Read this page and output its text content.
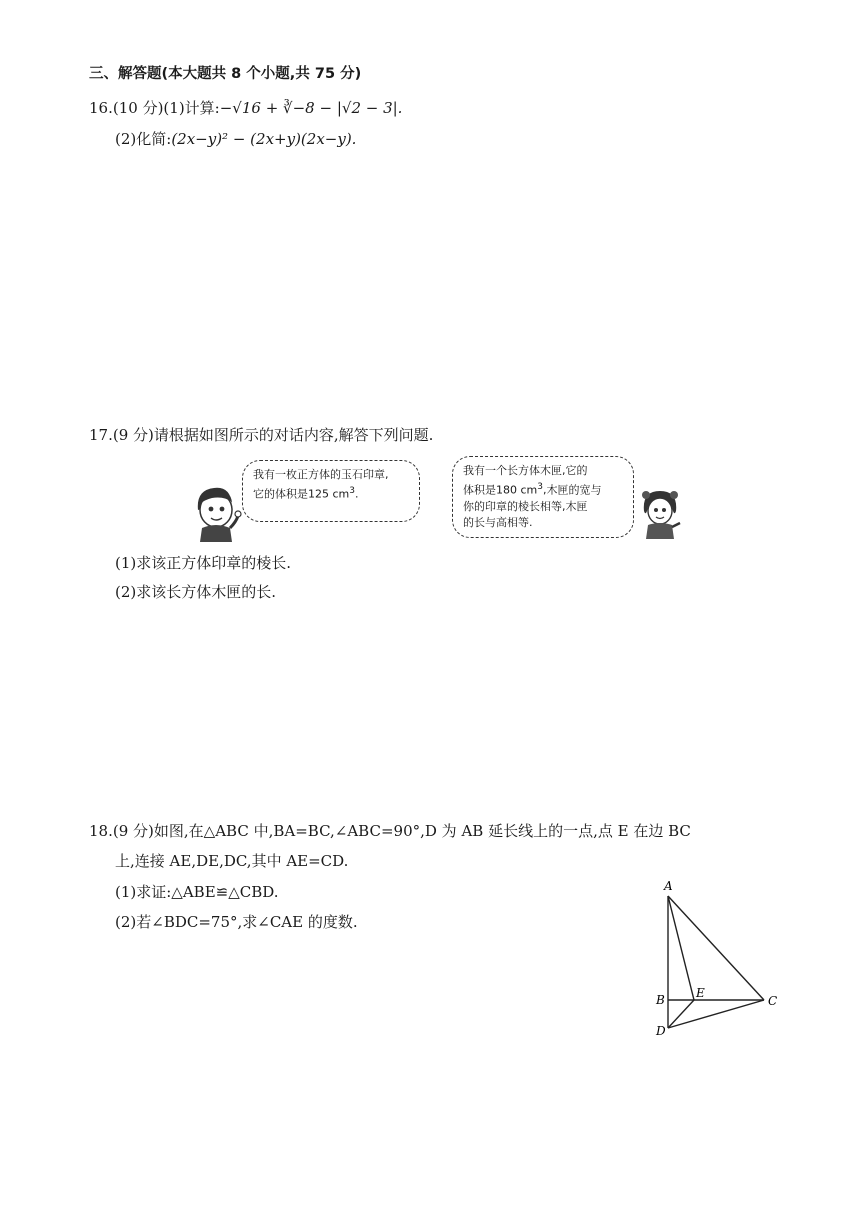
三、解答题(本大题共 8 个小题,共 75 分)
16.(10 分)(1)计算:−√16 + ∛−8 − |√2 − 3|.
(2)化简:(2x−y)² − (2x+y)(2x−y).
17.(9 分)请根据如图所示的对话内容,解答下列问题.
我有一枚正方体的玉石印章,
它的体积是125 $cm^3$.
我有一个长方体木匣,它的
体积是180 $cm^3$,木匣的宽与
你的印章的棱长相等,木匣
的长与高相等.
(1)求该正方体印章的棱长.
(2)求该长方体木匣的长.
18.(9 分)如图,在△ABC 中,BA=BC,∠ABC=90°,D 为 AB 延长线上的一点,点 E 在边 BC
上,连接 AE,DE,DC,其中 AE=CD.
(1)求证:△ABE≌△CBD.
(2)若∠BDC=75°,求∠CAE 的度数.
A
B	C
D
E
